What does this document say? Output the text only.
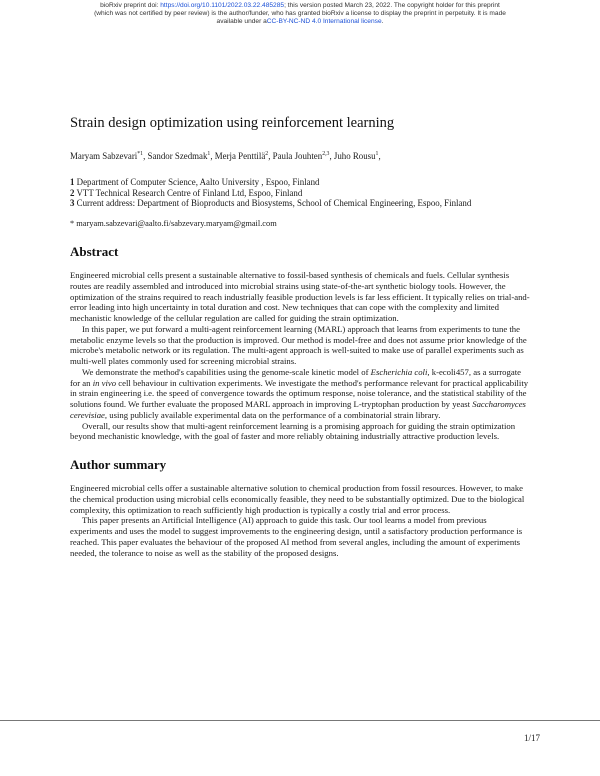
bioRxiv preprint doi: https://doi.org/10.1101/2022.03.22.485285; this version posted March 23, 2022. The copyright holder for this preprint
(which was not certified by peer review) is the author/funder, who has granted bioRxiv a license to display the preprint in perpetuity. It is made
available under aCC-BY-NC-ND 4.0 International license.
Strain design optimization using reinforcement learning
Maryam Sabzevari$^{*1}$, Sandor Szedmak$^1$, Merja Penttilä$^2$, Paula Jouhten$^{2,3}$, Juho Rousu$^1$,
1 Department of Computer Science, Aalto University , Espoo, Finland
2 VTT Technical Research Centre of Finland Ltd, Espoo, Finland
3 Current address: Department of Bioproducts and Biosystems, School of Chemical Engineering, Espoo, Finland
* maryam.sabzevari@aalto.fi/sabzevary.maryam@gmail.com
Abstract

Engineered microbial cells present a sustainable alternative to fossil-based synthesis of chemicals and fuels. Cellular synthesis routes are readily assembled and introduced into microbial strains using state-of-the-art synthetic biology tools. However, the optimization of the strains required to reach industrially feasible production levels is far less efficient. It typically relies on trial-and-error leading into high uncertainty in total duration and cost. New techniques that can cope with the complexity and limited mechanistic knowledge of the cellular regulation are called for guiding the strain optimization.

In this paper, we put forward a multi-agent reinforcement learning (MARL) approach that learns from experiments to tune the metabolic enzyme levels so that the production is improved. Our method is model-free and does not assume prior knowledge of the microbe's metabolic network or its regulation. The multi-agent approach is well-suited to make use of parallel experiments such as multi-well plates commonly used for screening microbial strains.

We demonstrate the method's capabilities using the genome-scale kinetic model of Escherichia coli, k-ecoli457, as a surrogate for an in vivo cell behaviour in cultivation experiments. We investigate the method's performance relevant for practical applicability in strain engineering i.e. the speed of convergence towards the optimum response, noise tolerance, and the statistical stability of the solutions found. We further evaluate the proposed MARL approach in improving L-tryptophan production by yeast Saccharomyces cerevisiae, using publicly available experimental data on the performance of a combinatorial strain library.

Overall, our results show that multi-agent reinforcement learning is a promising approach for guiding the strain optimization beyond mechanistic knowledge, with the goal of faster and more reliably obtaining industrially attractive production levels.

Author summary

Engineered microbial cells offer a sustainable alternative solution to chemical production from fossil resources. However, to make the chemical production using microbial cells economically feasible, they need to be substantially optimized. Due to the biological complexity, this optimization to reach sufficiently high production is typically a costly trial and error process.

This paper presents an Artificial Intelligence (AI) approach to guide this task. Our tool learns a model from previous experiments and uses the model to suggest improvements to the engineering design, until a satisfactory production performance is reached. This paper evaluates the behaviour of the proposed AI method from several angles, including the amount of experiments needed, the tolerance to noise as well as the stability of the proposed designs.

1/17
